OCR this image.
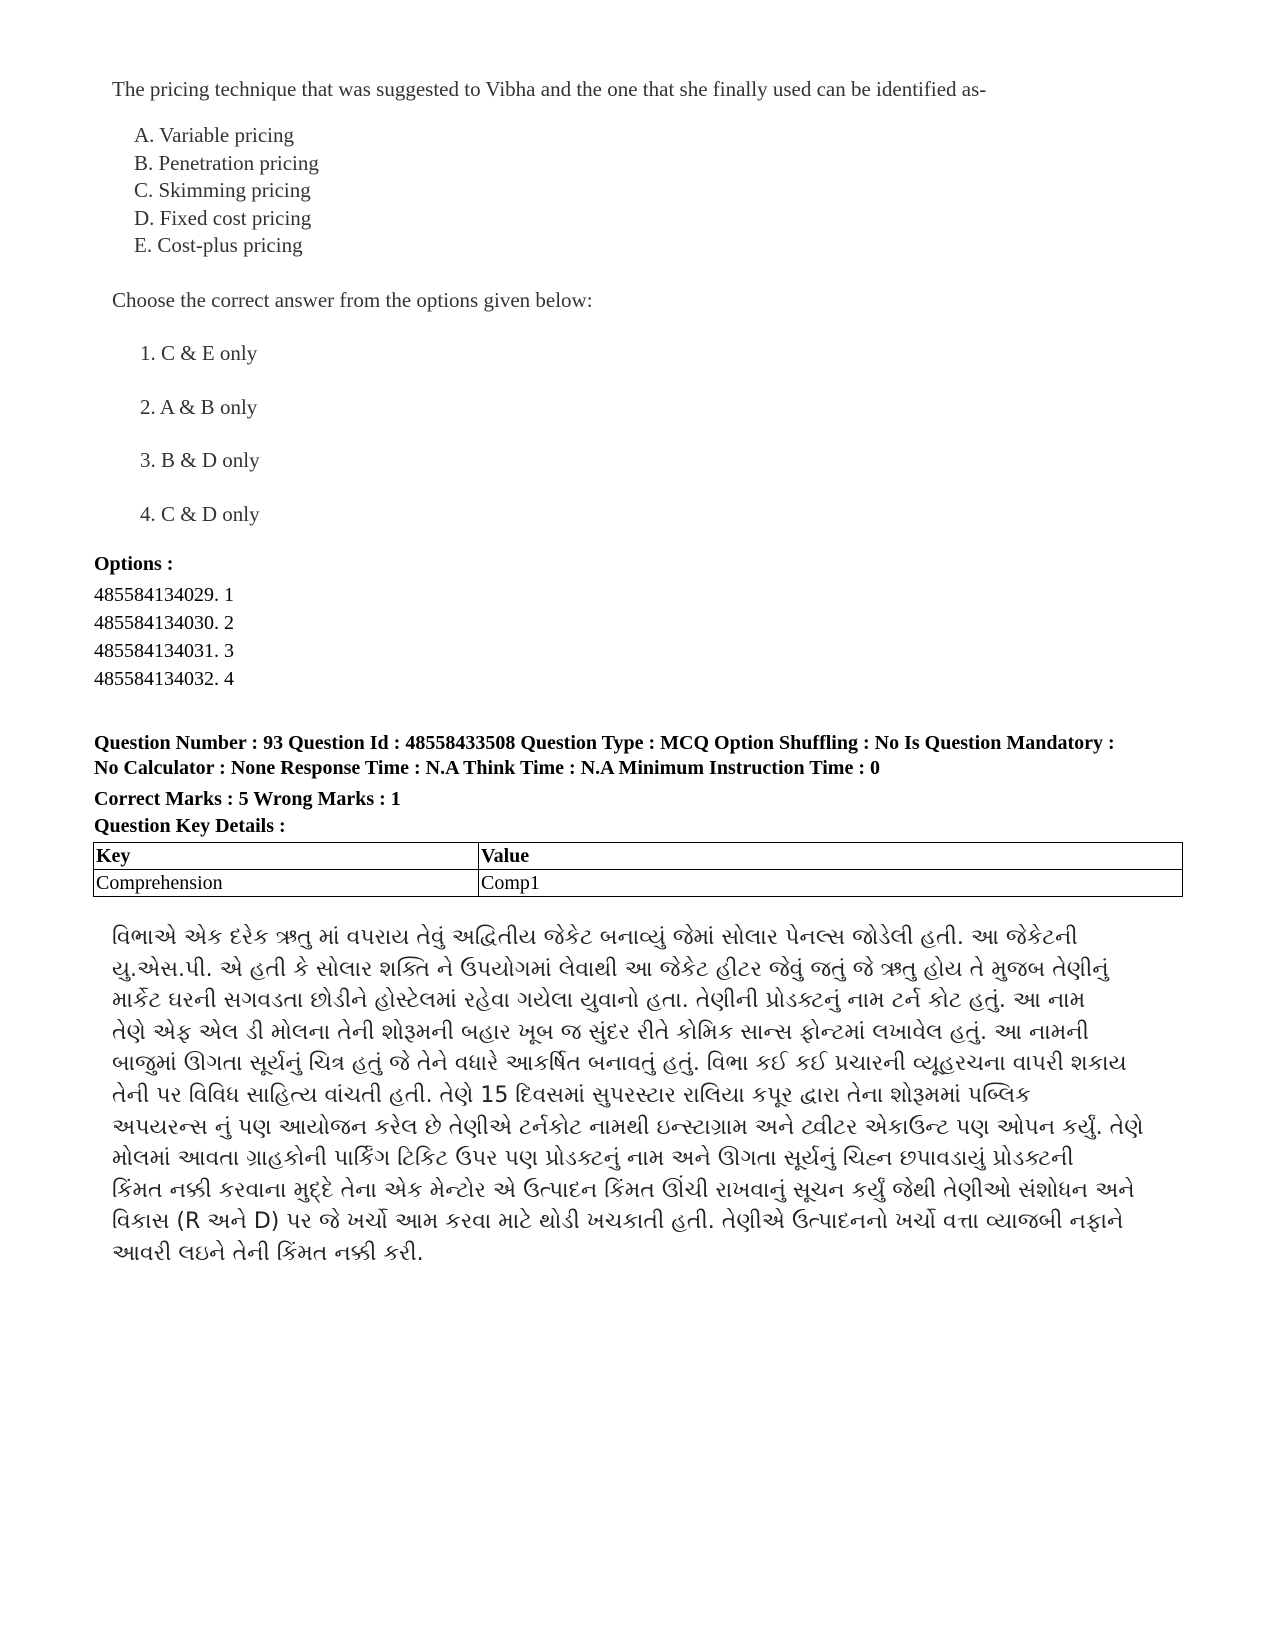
The pricing technique that was suggested to Vibha and the one that she finally used can be identified as-
A. Variable pricing
B. Penetration pricing
C. Skimming pricing
D. Fixed cost pricing
E. Cost-plus pricing
Choose the correct answer from the options given below:
1. C & E only
2. A & B only
3. B & D only
4. C & D only
Options :
485584134029. 1
485584134030. 2
485584134031. 3
485584134032. 4
Question Number : 93 Question Id : 48558433508 Question Type : MCQ Option Shuffling : No Is Question Mandatory :
No Calculator : None Response Time : N.A Think Time : N.A Minimum Instruction Time : 0
Correct Marks : 5 Wrong Marks : 1
Question Key Details :
Key	Value
Comprehension	Comp1
વિભાએ એક દરેક ઋતુ માં વપરાય તેવું અદ્વિતીય જેકેટ બનાવ્યું જેમાં સોલાર પેનલ્સ જોડેલી હતી. આ જેકેટની
યુ.એસ.પી. એ હતી કે સોલાર શક્તિ ને ઉપયોગમાં લેવાથી આ જેકેટ હીટર જેવું જતું જે ઋતુ હોય તે મુજબ તેણીનું
માર્કેટ ઘરની સગવડતા છોડીને હોસ્ટેલમાં રહેવા ગયેલા યુવાનો હતા. તેણીની પ્રોડક્ટનું નામ ટર્ન કોટ હતું. આ નામ
તેણે એફ એલ ડી મોલના તેની શોરૂમની બહાર ખૂબ જ સુંદર રીતે કોમિક સાન્સ ફોન્ટમાં લખાવેલ હતું. આ નામની
બાજુમાં ઊગતા સૂર્યનું ચિત્ર હતું જે તેને વધારે આકર્ષિત બનાવતું હતું. વિભા કઈ કઈ પ્રચારની વ્યૂહરચના વાપરી શકાય
તેની પર વિવિધ સાહિત્ય વાંચતી હતી. તેણે 15 દિવસમાં સુપરસ્ટાર રાલિયા કપૂર દ્વારા તેના શોરૂમમાં પબ્લિક
અપયરન્સ નું પણ આયોજન કરેલ છે તેણીએ ટર્નકોટ નામથી ઇન્સ્ટાગ્રામ અને ટ્વીટર એકાઉન્ટ પણ ઓપન કર્યું. તેણે
મોલમાં આવતા ગ્રાહકોની પાર્કિંગ ટિકિટ ઉપર પણ પ્રોડક્ટનું નામ અને ઊગતા સૂર્યનું ચિહ્ન છપાવડાયું પ્રોડક્ટની
કિંમત નક્કી કરવાના મુદ્દે તેના એક મેન્ટોર એ ઉત્પાદન કિંમત ઊંચી રાખવાનું સૂચન કર્યું જેથી તેણીઓ સંશોધન અને
વિકાસ (R અને D) પર જે ખર્ચો આમ કરવા માટે થોડી ખચકાતી હતી. તેણીએ ઉત્પાદનનો ખર્ચો વત્તા વ્યાજબી નફાને
આવરી લઇને તેની કિંમત નક્કી કરી.
